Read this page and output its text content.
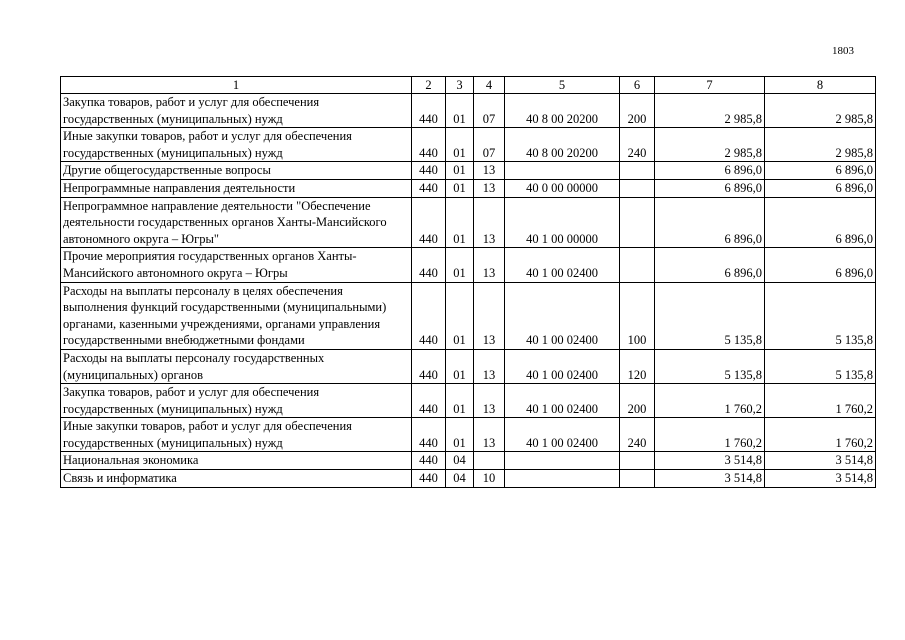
1803
1	2	3	4	5	6	7	8
Закупка товаров, работ и услуг для обеспечения государственных (муниципальных) нужд	440	01	07	40 8 00 20200	200	2 985,8	2 985,8
Иные закупки товаров, работ и услуг для обеспечения государственных (муниципальных) нужд	440	01	07	40 8 00 20200	240	2 985,8	2 985,8
Другие общегосударственные вопросы	440	01	13			6 896,0	6 896,0
Непрограммные направления деятельности	440	01	13	40 0 00 00000		6 896,0	6 896,0
Непрограммное направление деятельности "Обеспечение деятельности государственных органов Ханты-Мансийского автономного округа – Югры"	440	01	13	40 1 00 00000		6 896,0	6 896,0
Прочие мероприятия государственных органов Ханты-Мансийского автономного округа – Югры	440	01	13	40 1 00 02400		6 896,0	6 896,0
Расходы на выплаты персоналу в целях обеспечения выполнения функций государственными (муниципальными) органами, казенными учреждениями, органами управления государственными внебюджетными фондами	440	01	13	40 1 00 02400	100	5 135,8	5 135,8
Расходы на выплаты персоналу государственных (муниципальных) органов	440	01	13	40 1 00 02400	120	5 135,8	5 135,8
Закупка товаров, работ и услуг для обеспечения государственных (муниципальных) нужд	440	01	13	40 1 00 02400	200	1 760,2	1 760,2
Иные закупки товаров, работ и услуг для обеспечения государственных (муниципальных) нужд	440	01	13	40 1 00 02400	240	1 760,2	1 760,2
Национальная экономика	440	04				3 514,8	3 514,8
Связь и информатика	440	04	10			3 514,8	3 514,8
